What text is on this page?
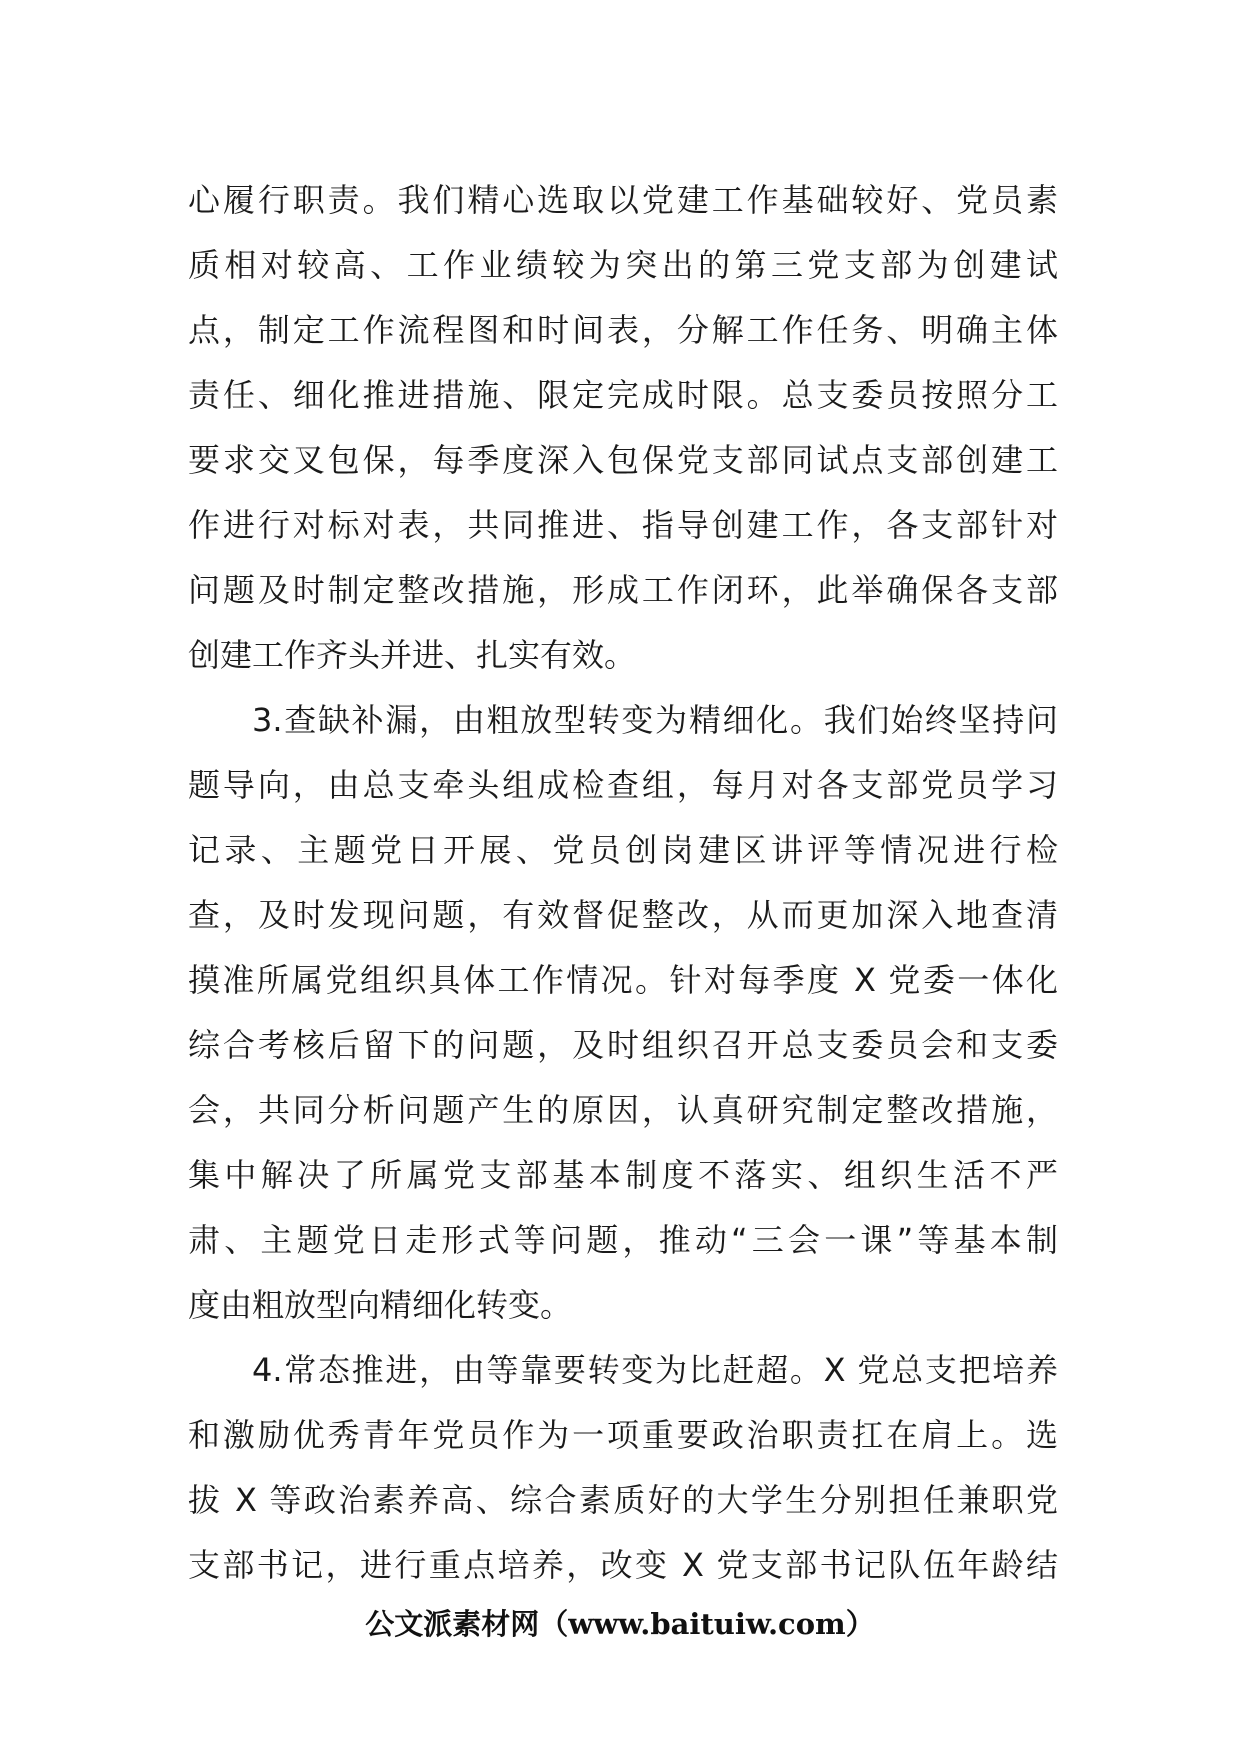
心履行职责。我们精心选取以党建工作基础较好、党员素
质相对较高、工作业绩较为突出的第三党支部为创建试
点，制定工作流程图和时间表，分解工作任务、明确主体
责任、细化推进措施、限定完成时限。总支委员按照分工
要求交叉包保，每季度深入包保党支部同试点支部创建工
作进行对标对表，共同推进、指导创建工作，各支部针对
问题及时制定整改措施，形成工作闭环，此举确保各支部
创建工作齐头并进、扎实有效。
3.查缺补漏，由粗放型转变为精细化。我们始终坚持问
题导向，由总支牵头组成检查组，每月对各支部党员学习
记录、主题党日开展、党员创岗建区讲评等情况进行检
查，及时发现问题，有效督促整改，从而更加深入地查清
摸准所属党组织具体工作情况。针对每季度 X 党委一体化
综合考核后留下的问题，及时组织召开总支委员会和支委
会，共同分析问题产生的原因，认真研究制定整改措施，
集中解决了所属党支部基本制度不落实、组织生活不严
肃、主题党日走形式等问题，推动“三会一课”等基本制
度由粗放型向精细化转变。
4.常态推进，由等靠要转变为比赶超。X 党总支把培养
和激励优秀青年党员作为一项重要政治职责扛在肩上。选
拔 X 等政治素养高、综合素质好的大学生分别担任兼职党
支部书记，进行重点培养，改变 X 党支部书记队伍年龄结
公文派素材网（www.baituiw.com）
